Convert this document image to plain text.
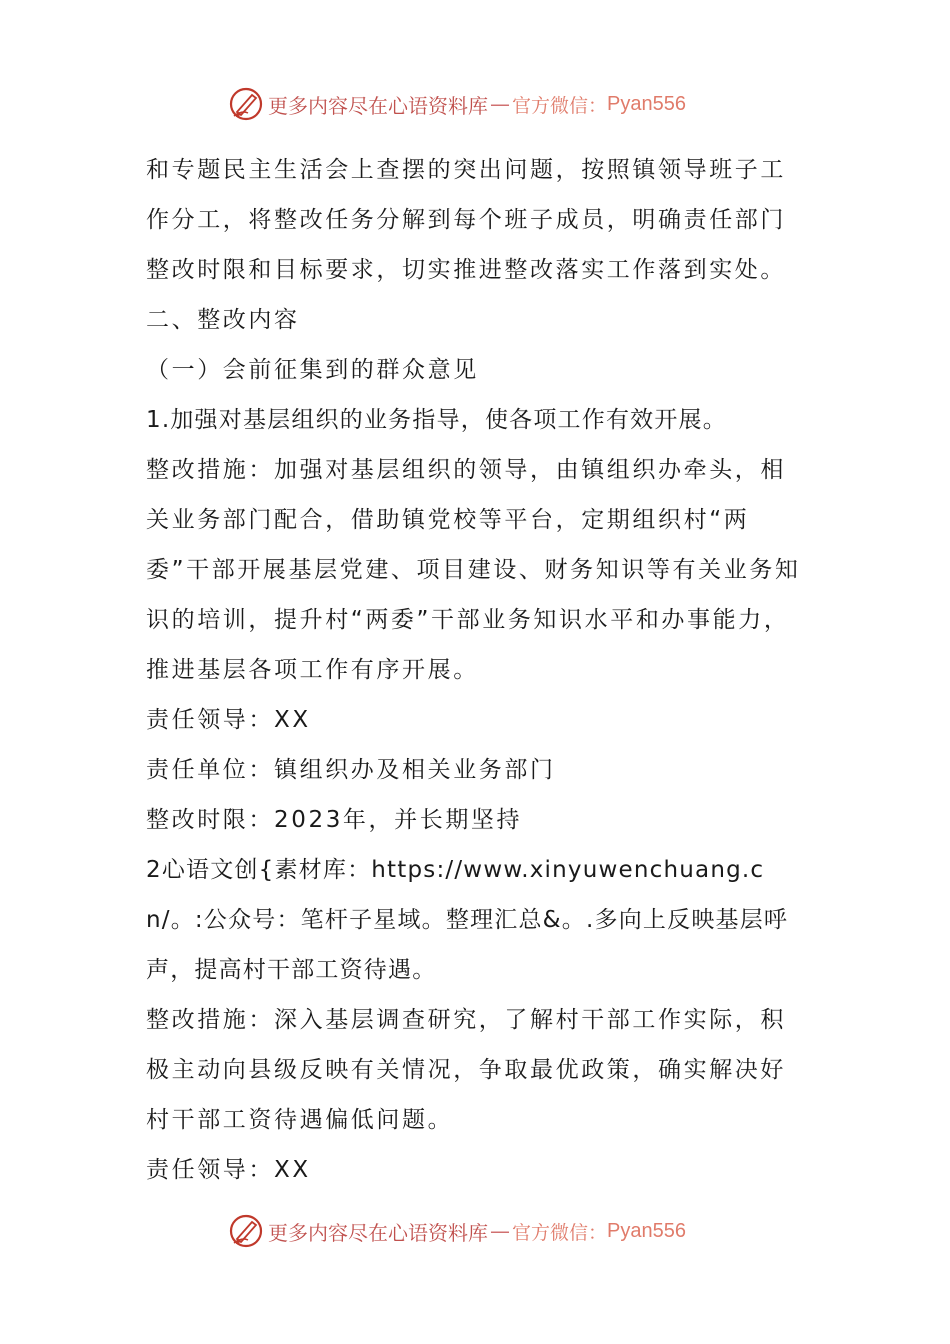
更多内容尽在心语资料库 — 官方微信： Pyan556

和专题民主生活会上查摆的突出问题，按照镇领导班子工作分工，将整改任务分解到每个班子成员，明确责任部门整改时限和目标要求，切实推进整改落实工作落到实处。

二、整改内容

（一）会前征集到的群众意见

1.加强对基层组织的业务指导，使各项工作有效开展。

整改措施：加强对基层组织的领导，由镇组织办牵头，相关业务部门配合，借助镇党校等平台，定期组织村“两委”干部开展基层党建、项目建设、财务知识等有关业务知识的培训，提升村“两委”干部业务知识水平和办事能力，推进基层各项工作有序开展。

责任领导：XX

责任单位：镇组织办及相关业务部门

整改时限：2023年，并长期坚持

2心语文创{素材库：https://www.xinyuwenchuang.cn/。:公众号：笔杆子星域。整理汇总&。.多向上反映基层呼声，提高村干部工资待遇。

整改措施：深入基层调查研究，了解村干部工作实际，积极主动向县级反映有关情况，争取最优政策，确实解决好村干部工资待遇偏低问题。

责任领导：XX

更多内容尽在心语资料库 — 官方微信： Pyan556
